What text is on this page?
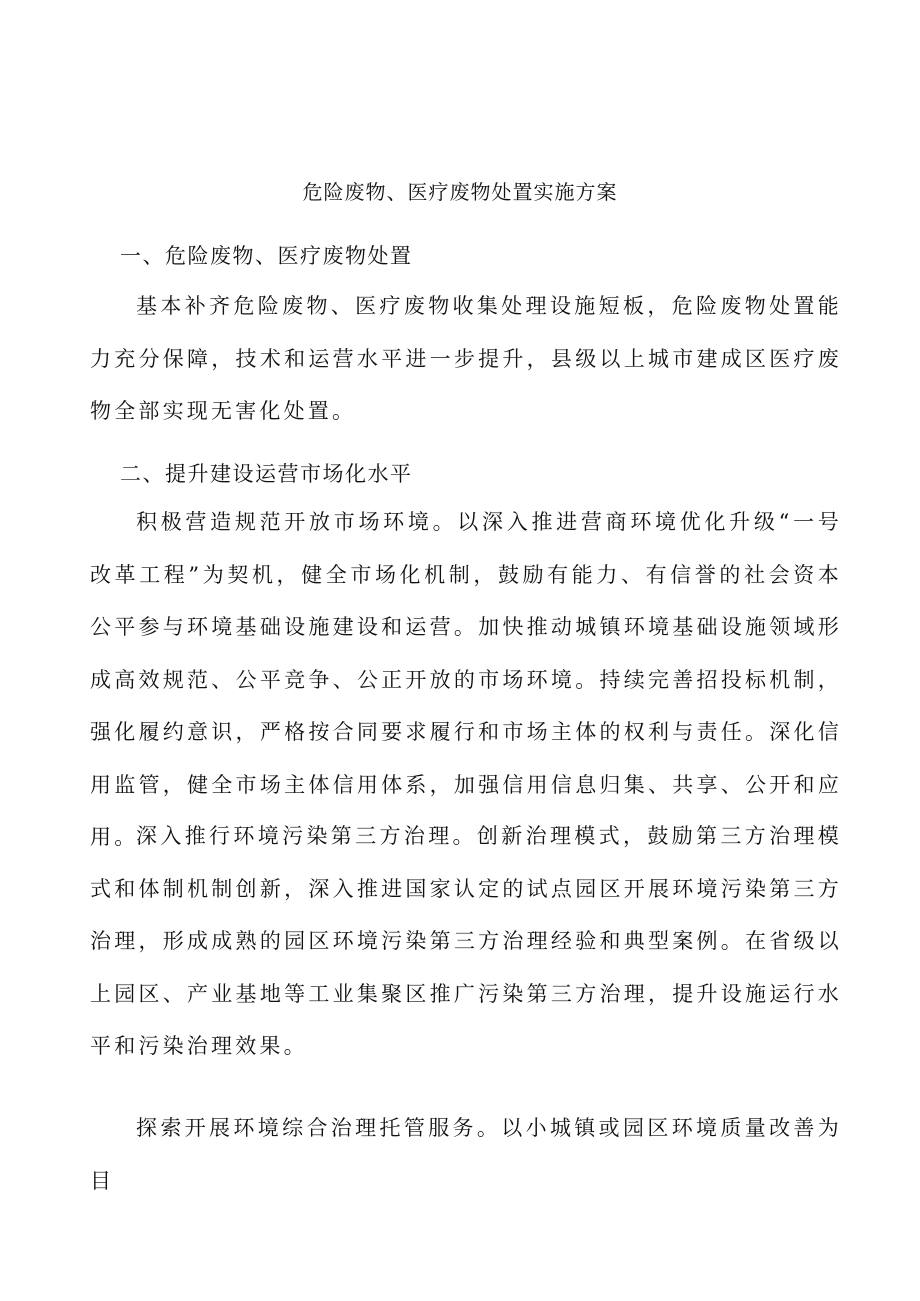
危险废物、医疗废物处置实施方案
一、危险废物、医疗废物处置

基本补齐危险废物、医疗废物收集处理设施短板，危险废物处置能力充分保障，技术和运营水平进一步提升，县级以上城市建成区医疗废物全部实现无害化处置。

二、提升建设运营市场化水平

积极营造规范开放市场环境。以深入推进营商环境优化升级“一号改革工程”为契机，健全市场化机制，鼓励有能力、有信誉的社会资本公平参与环境基础设施建设和运营。加快推动城镇环境基础设施领域形成高效规范、公平竞争、公正开放的市场环境。持续完善招投标机制，强化履约意识，严格按合同要求履行和市场主体的权利与责任。深化信用监管，健全市场主体信用体系，加强信用信息归集、共享、公开和应用。

深入推行环境污染第三方治理。创新治理模式，鼓励第三方治理模式和体制机制创新，深入推进国家认定的试点园区开展环境污染第三方治理，形成成熟的园区环境污染第三方治理经验和典型案例。在省级以上园区、产业基地等工业集聚区推广污染第三方治理，提升设施运行水平和污染治理效果。

探索开展环境综合治理托管服务。以小城镇或园区环境质量改善为目
